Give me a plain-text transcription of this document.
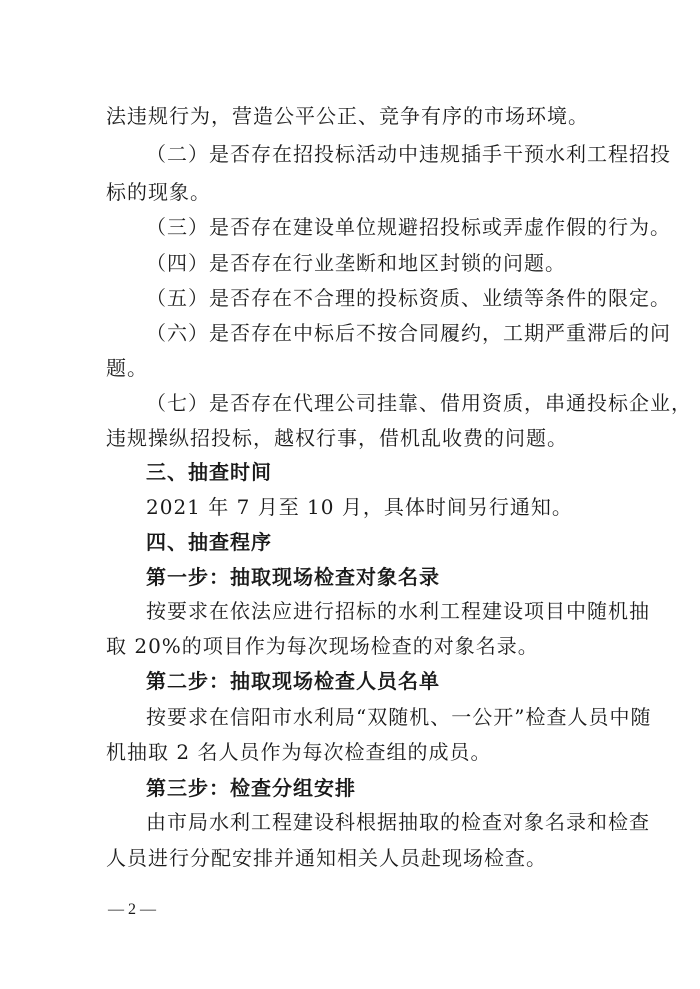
法违规行为，营造公平公正、竞争有序的市场环境。
（二）是否存在招投标活动中违规插手干预水利工程招投
标的现象。
（三）是否存在建设单位规避招投标或弄虚作假的行为。
（四）是否存在行业垄断和地区封锁的问题。
（五）是否存在不合理的投标资质、业绩等条件的限定。
（六）是否存在中标后不按合同履约，工期严重滞后的问
题。
（七）是否存在代理公司挂靠、借用资质，串通投标企业，
违规操纵招投标，越权行事，借机乱收费的问题。
三、抽查时间
2021 年 7 月至 10 月，具体时间另行通知。
四、抽查程序
第一步：抽取现场检查对象名录
按要求在依法应进行招标的水利工程建设项目中随机抽
取 20%的项目作为每次现场检查的对象名录。
第二步：抽取现场检查人员名单
按要求在信阳市水利局“双随机、一公开”检查人员中随
机抽取 2 名人员作为每次检查组的成员。
第三步：检查分组安排
由市局水利工程建设科根据抽取的检查对象名录和检查
人员进行分配安排并通知相关人员赴现场检查。
— 2 —
